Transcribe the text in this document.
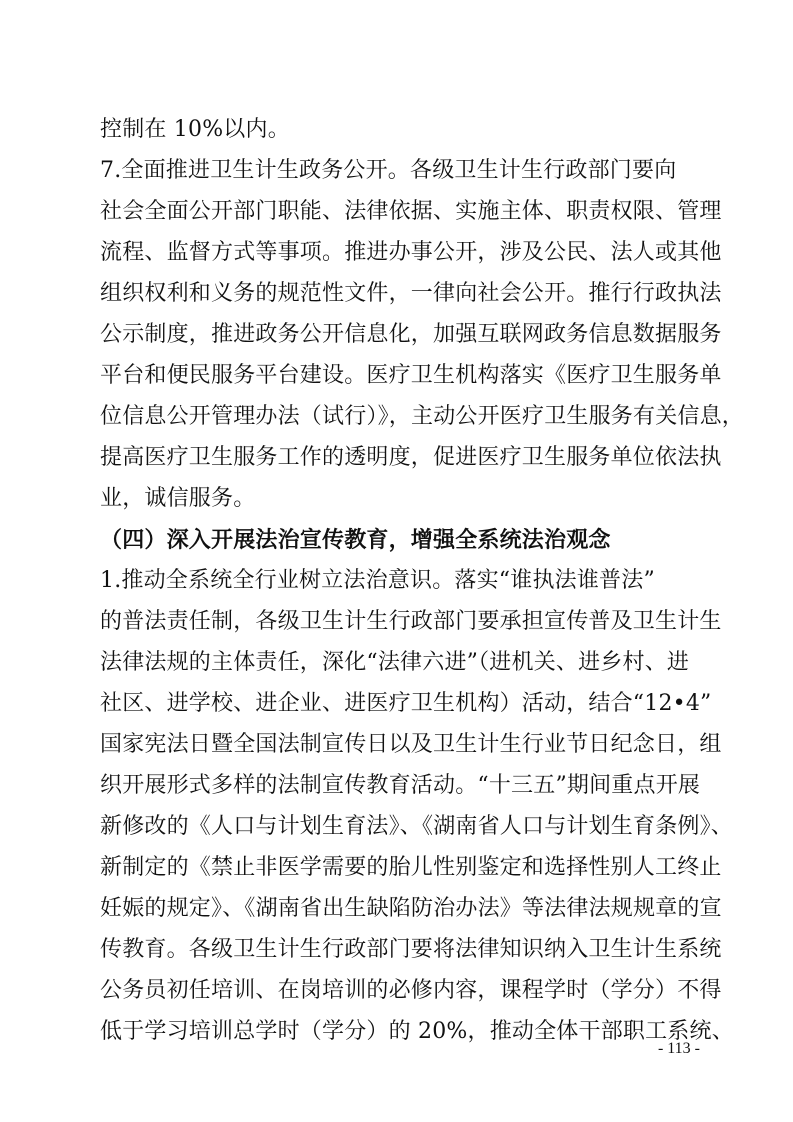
控制在 10%以内。
7.全面推进卫生计生政务公开。各级卫生计生行政部门要向
社会全面公开部门职能、法律依据、实施主体、职责权限、管理
流程、监督方式等事项。推进办事公开，涉及公民、法人或其他
组织权利和义务的规范性文件，一律向社会公开。推行行政执法
公示制度，推进政务公开信息化，加强互联网政务信息数据服务
平台和便民服务平台建设。医疗卫生机构落实《医疗卫生服务单
位信息公开管理办法（试行）》，主动公开医疗卫生服务有关信息，
提高医疗卫生服务工作的透明度，促进医疗卫生服务单位依法执
业，诚信服务。
（四）深入开展法治宣传教育，增强全系统法治观念
1.推动全系统全行业树立法治意识。落实“谁执法谁普法”
的普法责任制，各级卫生计生行政部门要承担宣传普及卫生计生
法律法规的主体责任，深化“法律六进”（进机关、进乡村、进
社区、进学校、进企业、进医疗卫生机构）活动，结合“12•4”
国家宪法日暨全国法制宣传日以及卫生计生行业节日纪念日，组
织开展形式多样的法制宣传教育活动。“十三五”期间重点开展
新修改的《人口与计划生育法》、《湖南省人口与计划生育条例》、
新制定的《禁止非医学需要的胎儿性别鉴定和选择性别人工终止
妊娠的规定》、《湖南省出生缺陷防治办法》等法律法规规章的宣
传教育。各级卫生计生行政部门要将法律知识纳入卫生计生系统
公务员初任培训、在岗培训的必修内容，课程学时（学分）不得
低于学习培训总学时（学分）的 20%，推动全体干部职工系统、
- 113 -
